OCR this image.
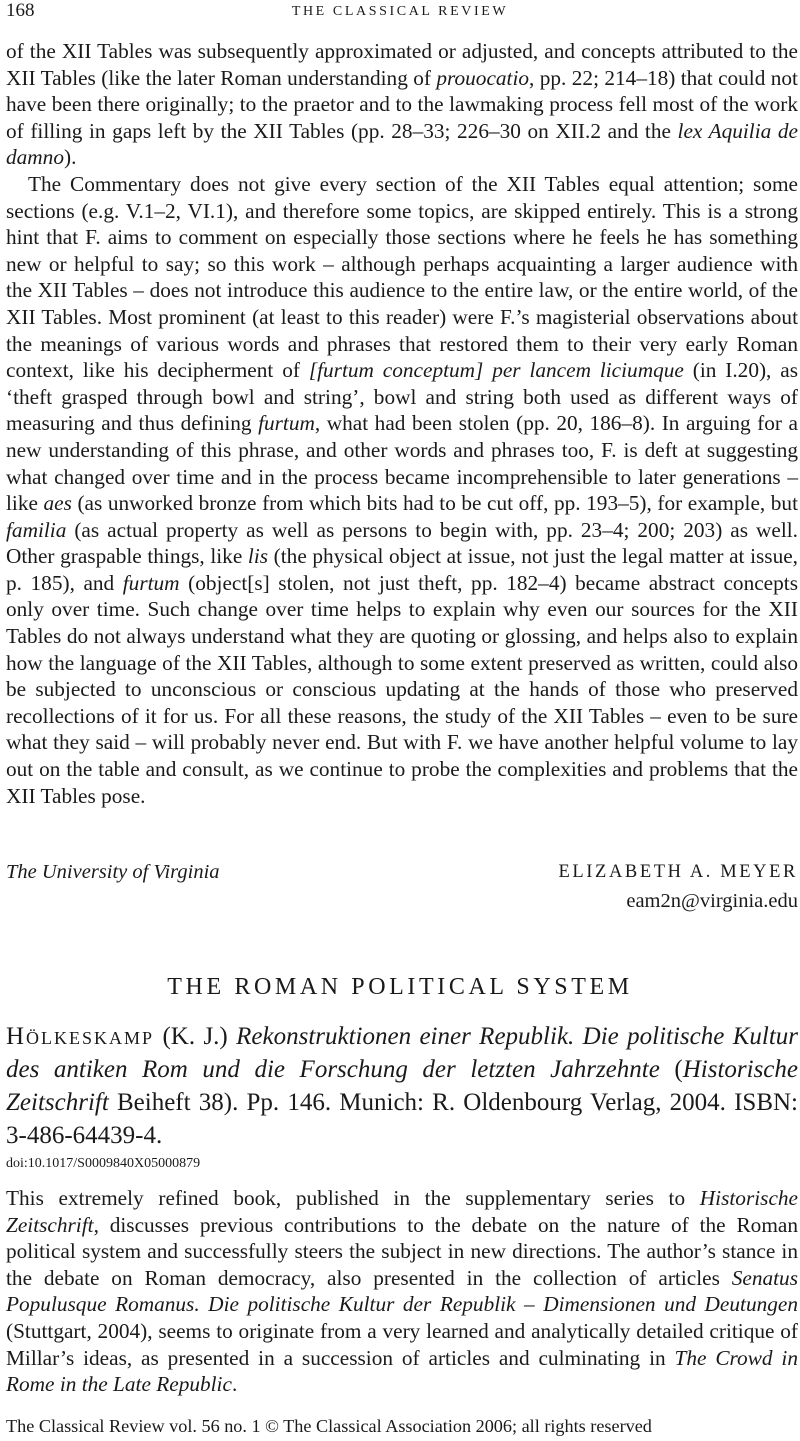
168	THE CLASSICAL REVIEW

of the XII Tables was subsequently approximated or adjusted, and concepts attributed to the XII Tables (like the later Roman understanding of prouocatio, pp. 22; 214–18) that could not have been there originally; to the praetor and to the lawmaking process fell most of the work of filling in gaps left by the XII Tables (pp. 28–33; 226–30 on XII.2 and the lex Aquilia de damno).

The Commentary does not give every section of the XII Tables equal attention; some sections (e.g. V.1–2, VI.1), and therefore some topics, are skipped entirely. This is a strong hint that F. aims to comment on especially those sections where he feels he has something new or helpful to say; so this work – although perhaps acquainting a larger audience with the XII Tables – does not introduce this audience to the entire law, or the entire world, of the XII Tables. Most prominent (at least to this reader) were F.’s magisterial observations about the meanings of various words and phrases that restored them to their very early Roman context, like his decipherment of [furtum conceptum] per lancem liciumque (in I.20), as ‘theft grasped through bowl and string’, bowl and string both used as different ways of measuring and thus defining furtum, what had been stolen (pp. 20, 186–8). In arguing for a new understanding of this phrase, and other words and phrases too, F. is deft at suggesting what changed over time and in the process became incomprehensible to later generations – like aes (as unworked bronze from which bits had to be cut off, pp. 193–5), for example, but familia (as actual property as well as persons to begin with, pp. 23–4; 200; 203) as well. Other graspable things, like lis (the physical object at issue, not just the legal matter at issue, p. 185), and furtum (object[s] stolen, not just theft, pp. 182–4) became abstract concepts only over time. Such change over time helps to explain why even our sources for the XII Tables do not always understand what they are quoting or glossing, and helps also to explain how the language of the XII Tables, although to some extent preserved as written, could also be subjected to unconscious or conscious updating at the hands of those who preserved recollections of it for us. For all these reasons, the study of the XII Tables – even to be sure what they said – will probably never end. But with F. we have another helpful volume to lay out on the table and consult, as we continue to probe the complexities and problems that the XII Tables pose.

The University of Virginia	ELIZABETH A. MEYER
eam2n@virginia.edu
THE ROMAN POLITICAL SYSTEM
Hölkeskamp (K. J.) Rekonstruktionen einer Republik. Die politische Kultur des antiken Rom und die Forschung der letzten Jahrzehnte (Historische Zeitschrift Beiheft 38). Pp. 146. Munich: R. Oldenbourg Verlag, 2004. ISBN: 3-486-64439-4.
doi:10.1017/S0009840X05000879

This extremely refined book, published in the supplementary series to Historische Zeitschrift, discusses previous contributions to the debate on the nature of the Roman political system and successfully steers the subject in new directions. The author’s stance in the debate on Roman democracy, also presented in the collection of articles Senatus Populusque Romanus. Die politische Kultur der Republik – Dimensionen und Deutungen (Stuttgart, 2004), seems to originate from a very learned and analytically detailed critique of Millar’s ideas, as presented in a succession of articles and culminating in The Crowd in Rome in the Late Republic.

The Classical Review vol. 56 no. 1 © The Classical Association 2006; all rights reserved
